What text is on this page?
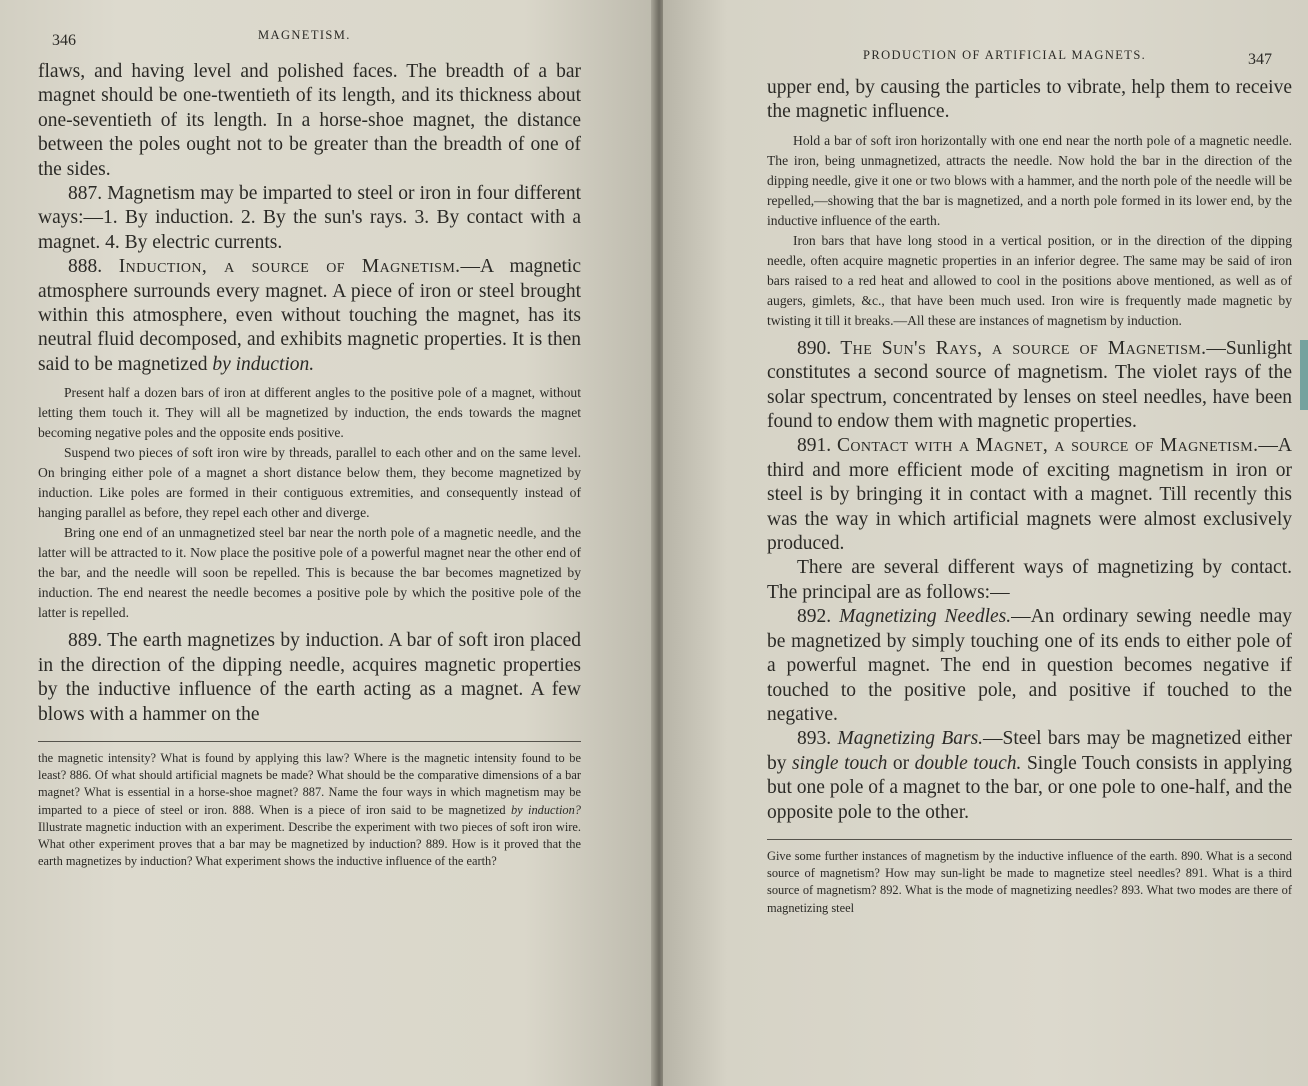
346	MAGNETISM.

flaws, and having level and polished faces. The breadth of a bar magnet should be one-twentieth of its length, and its thickness about one-seventieth of its length. In a horse-shoe magnet, the distance between the poles ought not to be greater than the breadth of one of the sides.

887. Magnetism may be imparted to steel or iron in four different ways:—1. By induction. 2. By the sun's rays. 3. By contact with a magnet. 4. By electric currents.

888. Induction, a source of Magnetism.—A magnetic atmosphere surrounds every magnet. A piece of iron or steel brought within this atmosphere, even without touching the magnet, has its neutral fluid decomposed, and exhibits magnetic properties. It is then said to be magnetized by induction.

Present half a dozen bars of iron at different angles to the positive pole of a magnet, without letting them touch it. They will all be magnetized by induction, the ends towards the magnet becoming negative poles and the opposite ends positive.

Suspend two pieces of soft iron wire by threads, parallel to each other and on the same level. On bringing either pole of a magnet a short distance below them, they become magnetized by induction. Like poles are formed in their contiguous extremities, and consequently instead of hanging parallel as before, they repel each other and diverge.

Bring one end of an unmagnetized steel bar near the north pole of a magnetic needle, and the latter will be attracted to it. Now place the positive pole of a powerful magnet near the other end of the bar, and the needle will soon be repelled. This is because the bar becomes magnetized by induction. The end nearest the needle becomes a positive pole by which the positive pole of the latter is repelled.

889. The earth magnetizes by induction. A bar of soft iron placed in the direction of the dipping needle, acquires magnetic properties by the inductive influence of the earth acting as a magnet. A few blows with a hammer on the

the magnetic intensity? What is found by applying this law? Where is the magnetic intensity found to be least? 886. Of what should artificial magnets be made? What should be the comparative dimensions of a bar magnet? What is essential in a horse-shoe magnet? 887. Name the four ways in which magnetism may be imparted to a piece of steel or iron. 888. When is a piece of iron said to be magnetized by induction? Illustrate magnetic induction with an experiment. Describe the experiment with two pieces of soft iron wire. What other experiment proves that a bar may be magnetized by induction? 889. How is it proved that the earth magnetizes by induction? What experiment shows the inductive influence of the earth?

PRODUCTION OF ARTIFICIAL MAGNETS.	347

upper end, by causing the particles to vibrate, help them to receive the magnetic influence.

Hold a bar of soft iron horizontally with one end near the north pole of a magnetic needle. The iron, being unmagnetized, attracts the needle. Now hold the bar in the direction of the dipping needle, give it one or two blows with a hammer, and the north pole of the needle will be repelled,—showing that the bar is magnetized, and a north pole formed in its lower end, by the inductive influence of the earth.

Iron bars that have long stood in a vertical position, or in the direction of the dipping needle, often acquire magnetic properties in an inferior degree. The same may be said of iron bars raised to a red heat and allowed to cool in the positions above mentioned, as well as of augers, gimlets, &c., that have been much used. Iron wire is frequently made magnetic by twisting it till it breaks.—All these are instances of magnetism by induction.

890. The Sun's Rays, a source of Magnetism.—Sunlight constitutes a second source of magnetism. The violet rays of the solar spectrum, concentrated by lenses on steel needles, have been found to endow them with magnetic properties.

891. Contact with a Magnet, a source of Magnetism.—A third and more efficient mode of exciting magnetism in iron or steel is by bringing it in contact with a magnet. Till recently this was the way in which artificial magnets were almost exclusively produced.

There are several different ways of magnetizing by contact. The principal are as follows:—

892. Magnetizing Needles.—An ordinary sewing needle may be magnetized by simply touching one of its ends to either pole of a powerful magnet. The end in question becomes negative if touched to the positive pole, and positive if touched to the negative.

893. Magnetizing Bars.—Steel bars may be magnetized either by single touch or double touch. Single Touch consists in applying but one pole of a magnet to the bar, or one pole to one-half, and the opposite pole to the other.

Give some further instances of magnetism by the inductive influence of the earth. 890. What is a second source of magnetism? How may sun-light be made to magnetize steel needles? 891. What is a third source of magnetism? 892. What is the mode of magnetizing needles? 893. What two modes are there of magnetizing steel
